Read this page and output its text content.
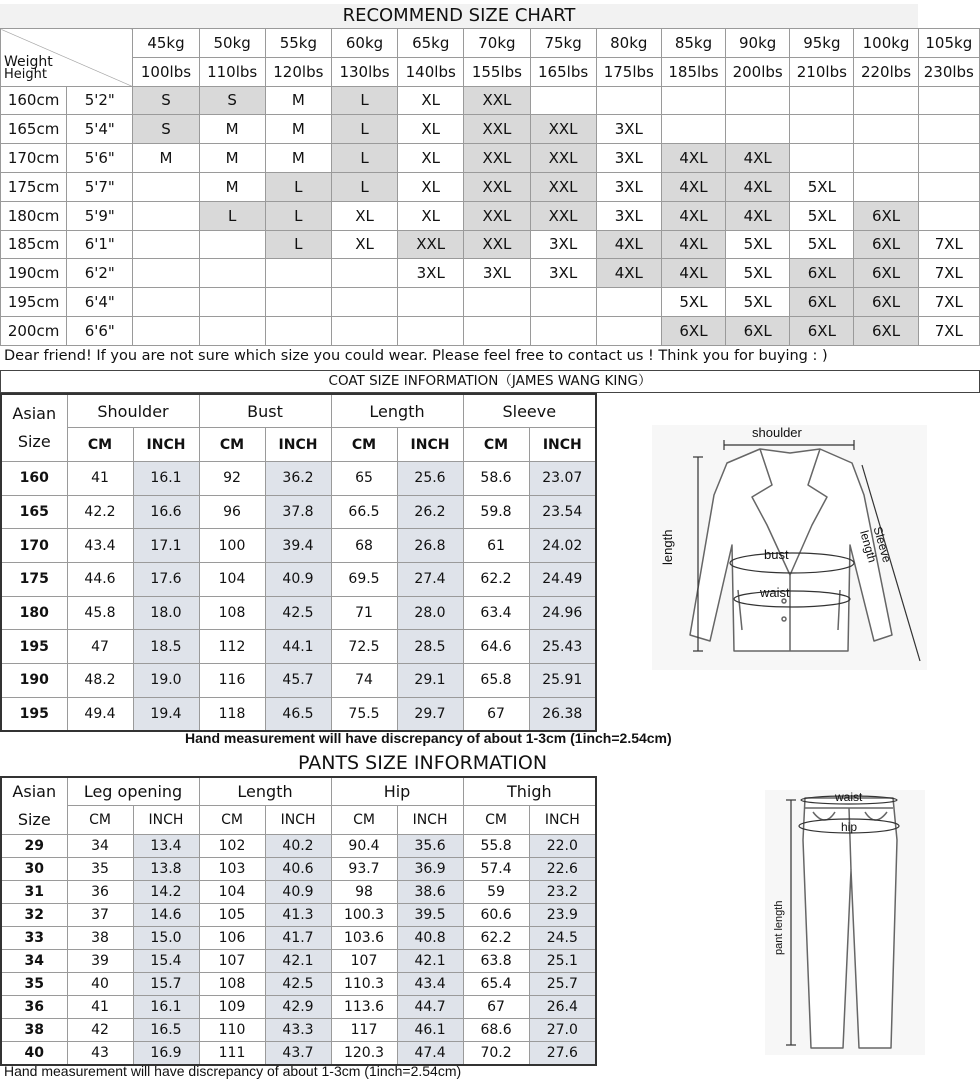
RECOMMEND SIZE CHART
Weight
Height		45kg	50kg	55kg	60kg	65kg	70kg	75kg	80kg	85kg	90kg	95kg	100kg	105kg
		100lbs	110lbs	120lbs	130lbs	140lbs	155lbs	165lbs	175lbs	185lbs	200lbs	210lbs	220lbs	230lbs
160cm	5'2"	S	S	M	L	XL	XXL							
165cm	5'4"	S	M	M	L	XL	XXL	XXL	3XL					
170cm	5'6"	M	M	M	L	XL	XXL	XXL	3XL	4XL	4XL			
175cm	5'7"		M	L	L	XL	XXL	XXL	3XL	4XL	4XL	5XL		
180cm	5'9"		L	L	XL	XL	XXL	XXL	3XL	4XL	4XL	5XL	6XL	
185cm	6'1"			L	XL	XXL	XXL	3XL	4XL	4XL	5XL	5XL	6XL	7XL
190cm	6'2"					3XL	3XL	3XL	4XL	4XL	5XL	6XL	6XL	7XL
195cm	6'4"									5XL	5XL	6XL	6XL	7XL
200cm	6'6"									6XL	6XL	6XL	6XL	7XL
Dear friend! If you are not sure which size you could wear. Please feel free to contact us ! Think you for buying : )
COAT SIZE INFORMATION（JAMES WANG KING）
Asian Size	Shoulder		Bust		Length		Sleeve	
	CM	INCH	CM	INCH	CM	INCH	CM	INCH
160	41	16.1	92	36.2	65	25.6	58.6	23.07
165	42.2	16.6	96	37.8	66.5	26.2	59.8	23.54
170	43.4	17.1	100	39.4	68	26.8	61	24.02
175	44.6	17.6	104	40.9	69.5	27.4	62.2	24.49
180	45.8	18.0	108	42.5	71	28.0	63.4	24.96
195	47	18.5	112	44.1	72.5	28.5	64.6	25.43
190	48.2	19.0	116	45.7	74	29.1	65.8	25.91
195	49.4	19.4	118	46.5	75.5	29.7	67	26.38
shoulder
length	bust
waist
Sleeve length
Hand measurement will have discrepancy of about 1-3cm (1inch=2.54cm)
PANTS SIZE INFORMATION
Asian Size	Leg opening		Length		Hip		Thigh	
	CM	INCH	CM	INCH	CM	INCH	CM	INCH
29	34	13.4	102	40.2	90.4	35.6	55.8	22.0
30	35	13.8	103	40.6	93.7	36.9	57.4	22.6
31	36	14.2	104	40.9	98	38.6	59	23.2
32	37	14.6	105	41.3	100.3	39.5	60.6	23.9
33	38	15.0	106	41.7	103.6	40.8	62.2	24.5
34	39	15.4	107	42.1	107	42.1	63.8	25.1
35	40	15.7	108	42.5	110.3	43.4	65.4	25.7
36	41	16.1	109	42.9	113.6	44.7	67	26.4
38	42	16.5	110	43.3	117	46.1	68.6	27.0
40	43	16.9	111	43.7	120.3	47.4	70.2	27.6
waist
hip
pant length
Hand measurement will have discrepancy of about 1-3cm (1inch=2.54cm)
